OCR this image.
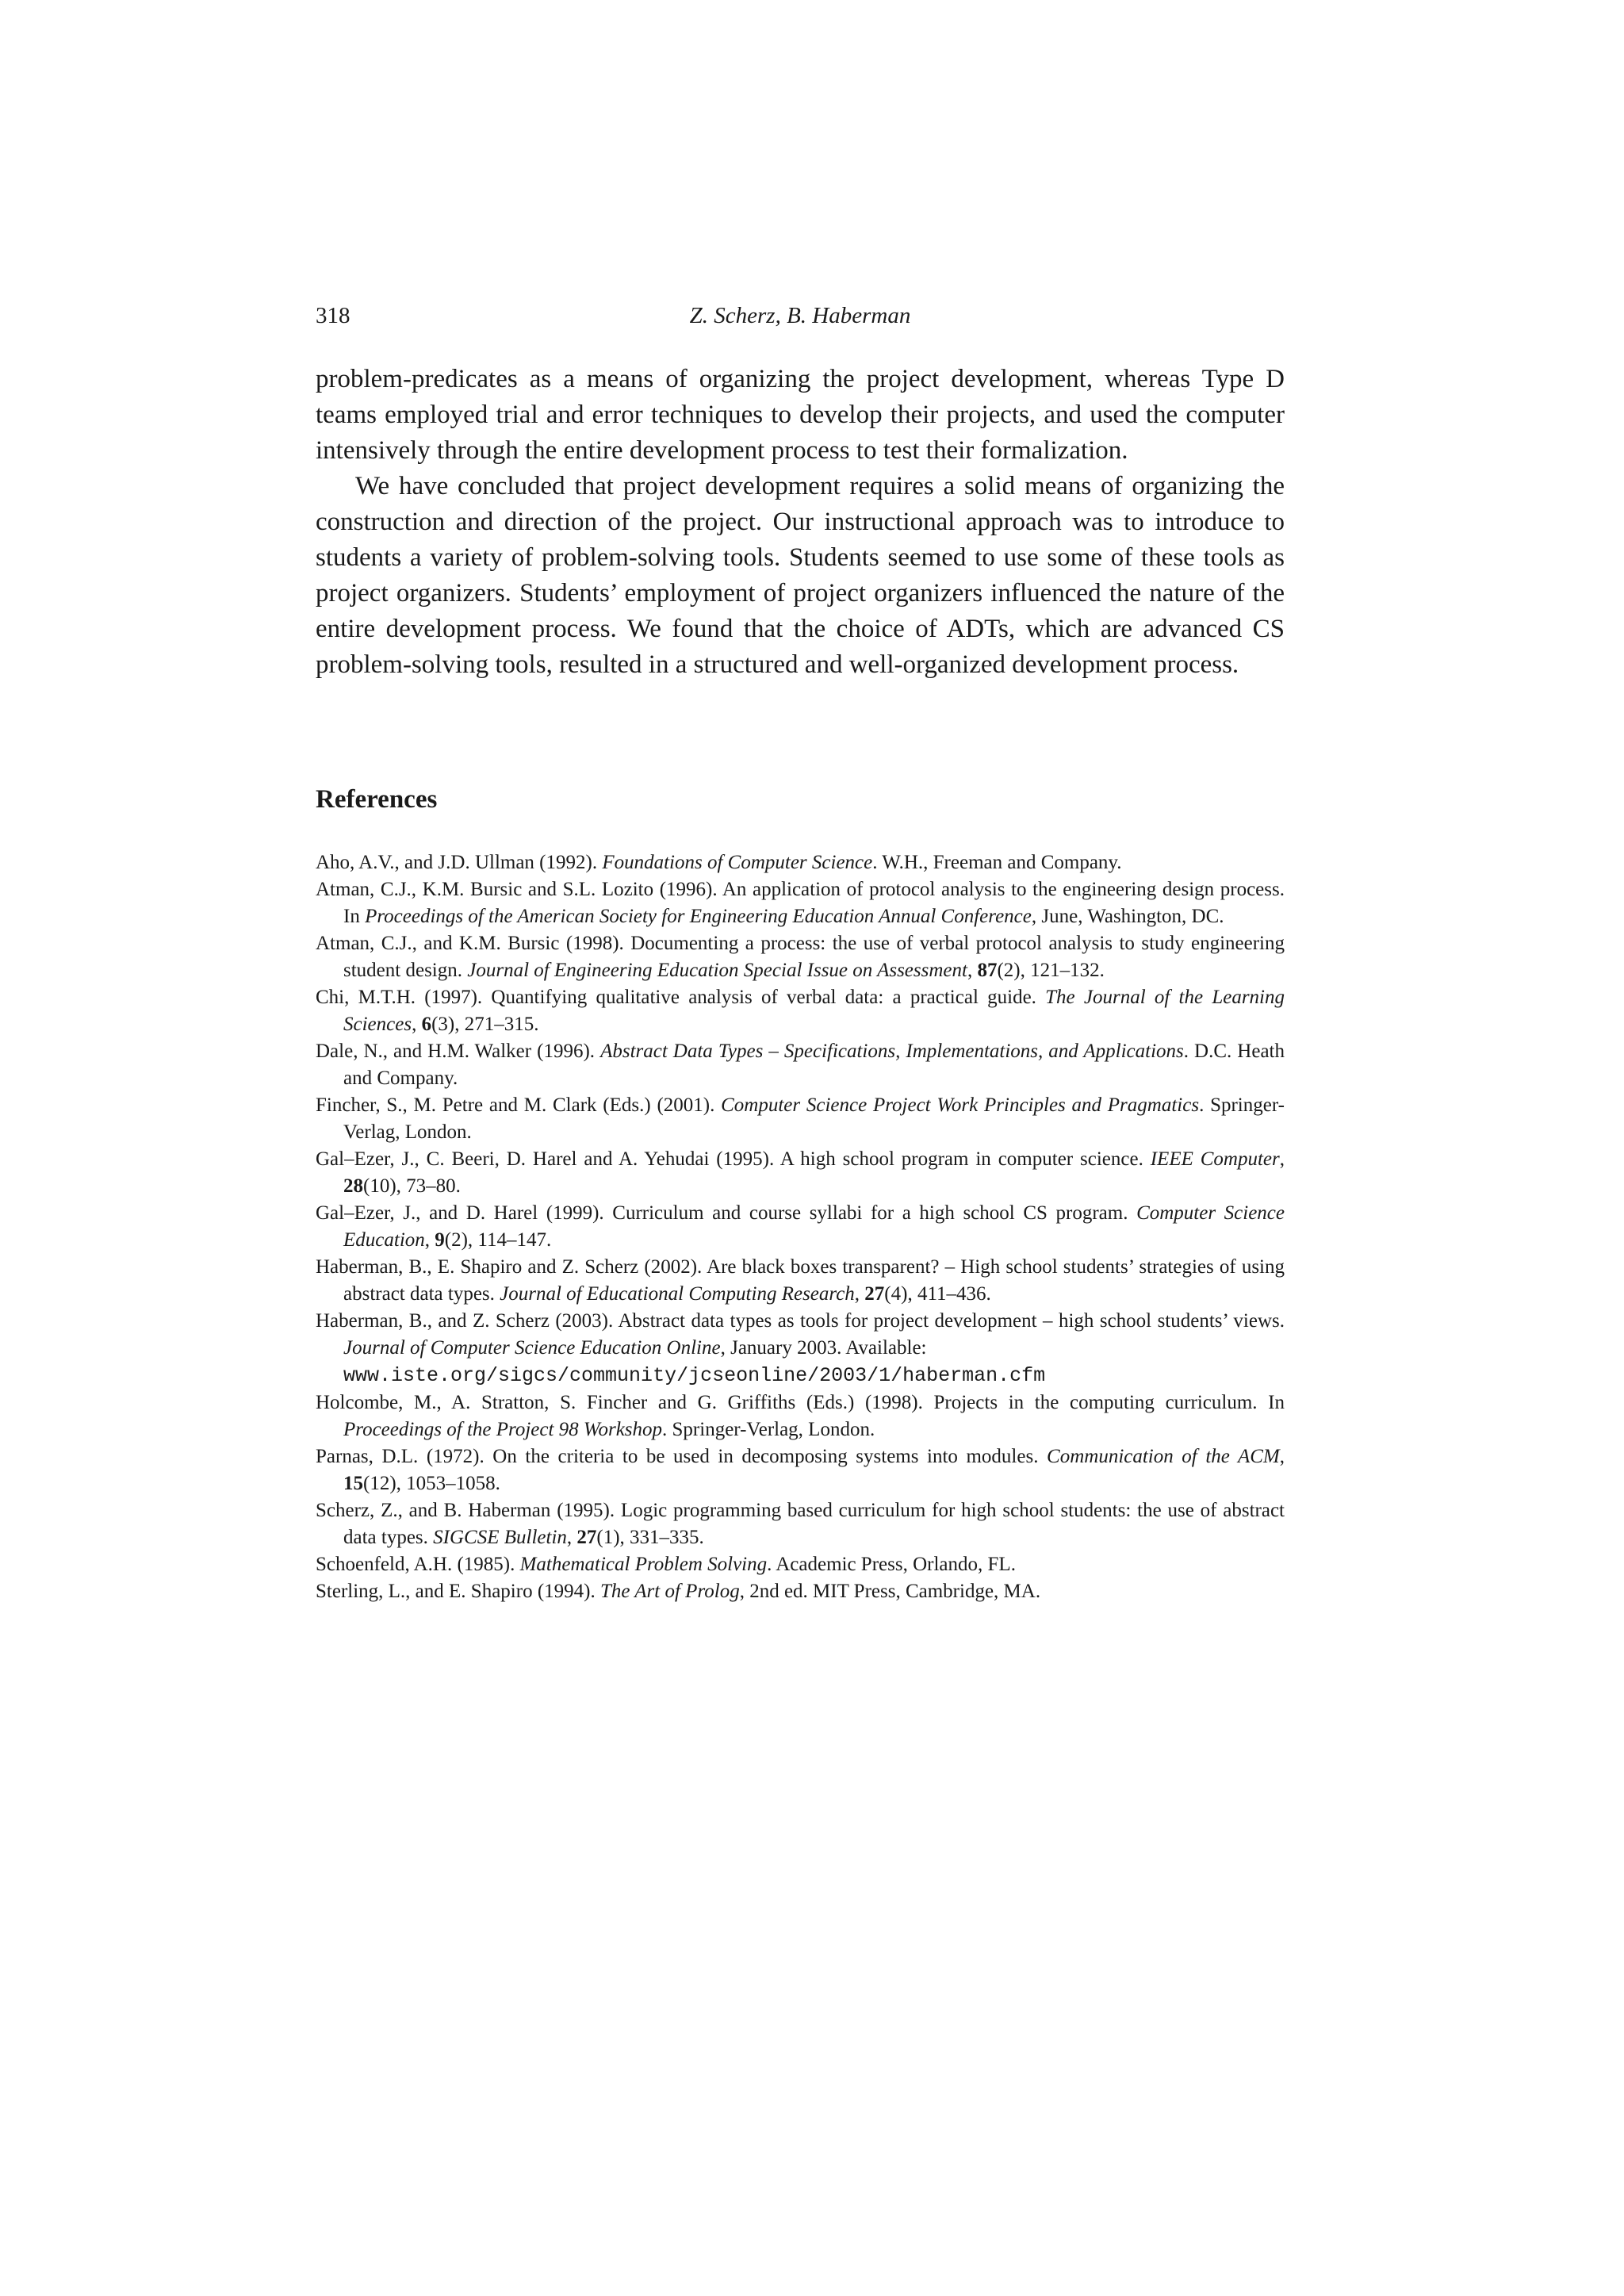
318	Z. Scherz, B. Haberman

problem-predicates as a means of organizing the project development, whereas Type D teams employed trial and error techniques to develop their projects, and used the computer intensively through the entire development process to test their formalization.

We have concluded that project development requires a solid means of organizing the construction and direction of the project. Our instructional approach was to introduce to students a variety of problem-solving tools. Students seemed to use some of these tools as project organizers. Students’ employment of project organizers influenced the nature of the entire development process. We found that the choice of ADTs, which are advanced CS problem-solving tools, resulted in a structured and well-organized development process.

References
Aho, A.V., and J.D. Ullman (1992). Foundations of Computer Science. W.H., Freeman and Company.
Atman, C.J., K.M. Bursic and S.L. Lozito (1996). An application of protocol analysis to the engineering design process. In Proceedings of the American Society for Engineering Education Annual Conference, June, Washington, DC.
Atman, C.J., and K.M. Bursic (1998). Documenting a process: the use of verbal protocol analysis to study engineering student design. Journal of Engineering Education Special Issue on Assessment, 87(2), 121–132.
Chi, M.T.H. (1997). Quantifying qualitative analysis of verbal data: a practical guide. The Journal of the Learning Sciences, 6(3), 271–315.
Dale, N., and H.M. Walker (1996). Abstract Data Types – Specifications, Implementations, and Applications. D.C. Heath and Company.
Fincher, S., M. Petre and M. Clark (Eds.) (2001). Computer Science Project Work Principles and Pragmatics. Springer-Verlag, London.
Gal–Ezer, J., C. Beeri, D. Harel and A. Yehudai (1995). A high school program in computer science. IEEE Computer, 28(10), 73–80.
Gal–Ezer, J., and D. Harel (1999). Curriculum and course syllabi for a high school CS program. Computer Science Education, 9(2), 114–147.
Haberman, B., E. Shapiro and Z. Scherz (2002). Are black boxes transparent? – High school students’ strategies of using abstract data types. Journal of Educational Computing Research, 27(4), 411–436.
Haberman, B., and Z. Scherz (2003). Abstract data types as tools for project development – high school students’ views. Journal of Computer Science Education Online, January 2003. Available:
www.iste.org/sigcs/community/jcseonline/2003/1/haberman.cfm
Holcombe, M., A. Stratton, S. Fincher and G. Griffiths (Eds.) (1998). Projects in the computing curriculum. In Proceedings of the Project 98 Workshop. Springer-Verlag, London.
Parnas, D.L. (1972). On the criteria to be used in decomposing systems into modules. Communication of the ACM, 15(12), 1053–1058.
Scherz, Z., and B. Haberman (1995). Logic programming based curriculum for high school students: the use of abstract data types. SIGCSE Bulletin, 27(1), 331–335.
Schoenfeld, A.H. (1985). Mathematical Problem Solving. Academic Press, Orlando, FL.
Sterling, L., and E. Shapiro (1994). The Art of Prolog, 2nd ed. MIT Press, Cambridge, MA.
